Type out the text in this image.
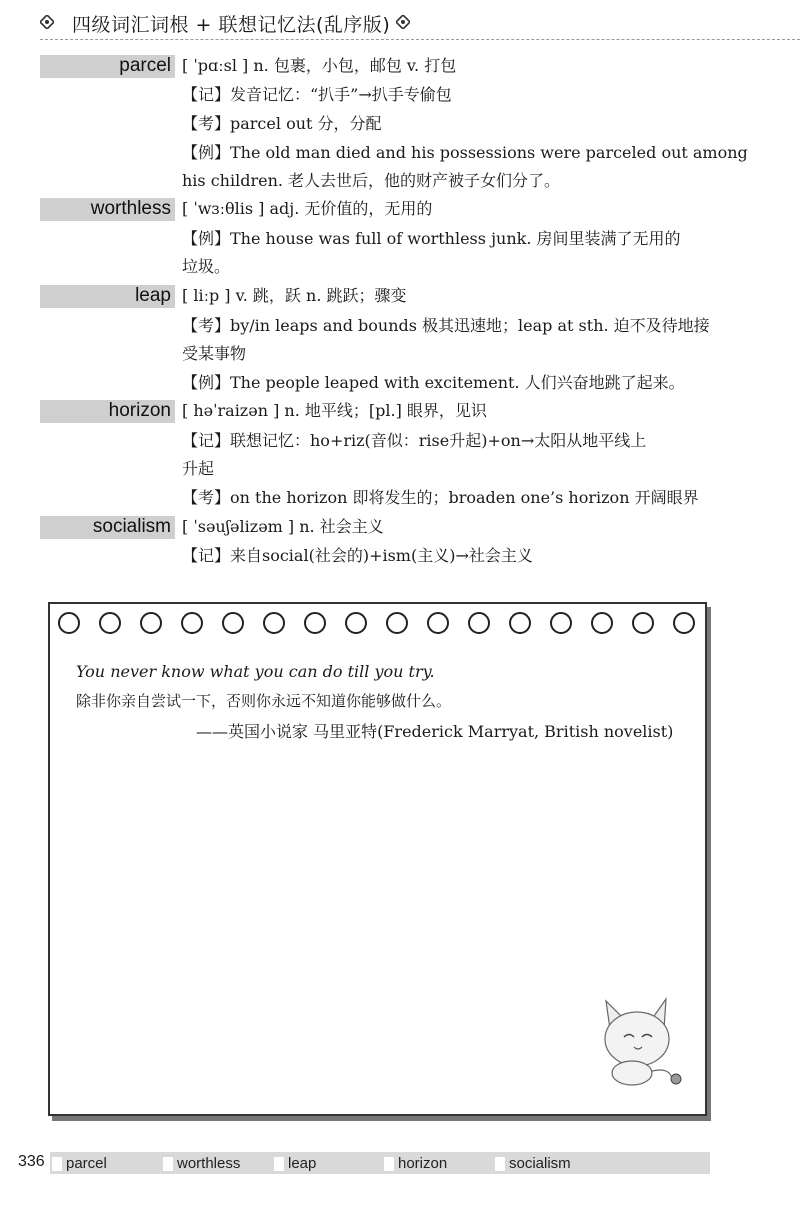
四级词汇词根 + 联想记忆法(乱序版)
parcel [ ˈpɑːsl ] n. 包裹，小包，邮包 v. 打包
【记】发音记忆：“扒手”→扒手专偷包
【考】parcel out 分，分配
【例】The old man died and his possessions were parceled out among
his children. 老人去世后，他的财产被子女们分了。
worthless [ ˈwɜːθlis ] adj. 无价值的，无用的
【例】The house was full of worthless junk. 房间里装满了无用的
垃圾。
leap [ liːp ] v. 跳，跃 n. 跳跃；骤变
【考】by/in leaps and bounds 极其迅速地；leap at sth. 迫不及待地接
受某事物
【例】The people leaped with excitement. 人们兴奋地跳了起来。
horizon [ həˈraizən ] n. 地平线；[pl.] 眼界，见识
【记】联想记忆：ho+riz(音似：rise升起)+on→太阳从地平线上
升起
【考】on the horizon 即将发生的；broaden one’s horizon 开阔眼界
socialism [ ˈsəuʃəlizəm ] n. 社会主义
【记】来自social(社会的)+ism(主义)→社会主义
You never know what you can do till you try.
除非你亲自尝试一下，否则你永远不知道你能够做什么。
——英国小说家 马里亚特(Frederick Marryat, British novelist)
336 parcel	worthless	leap	horizon	socialism
